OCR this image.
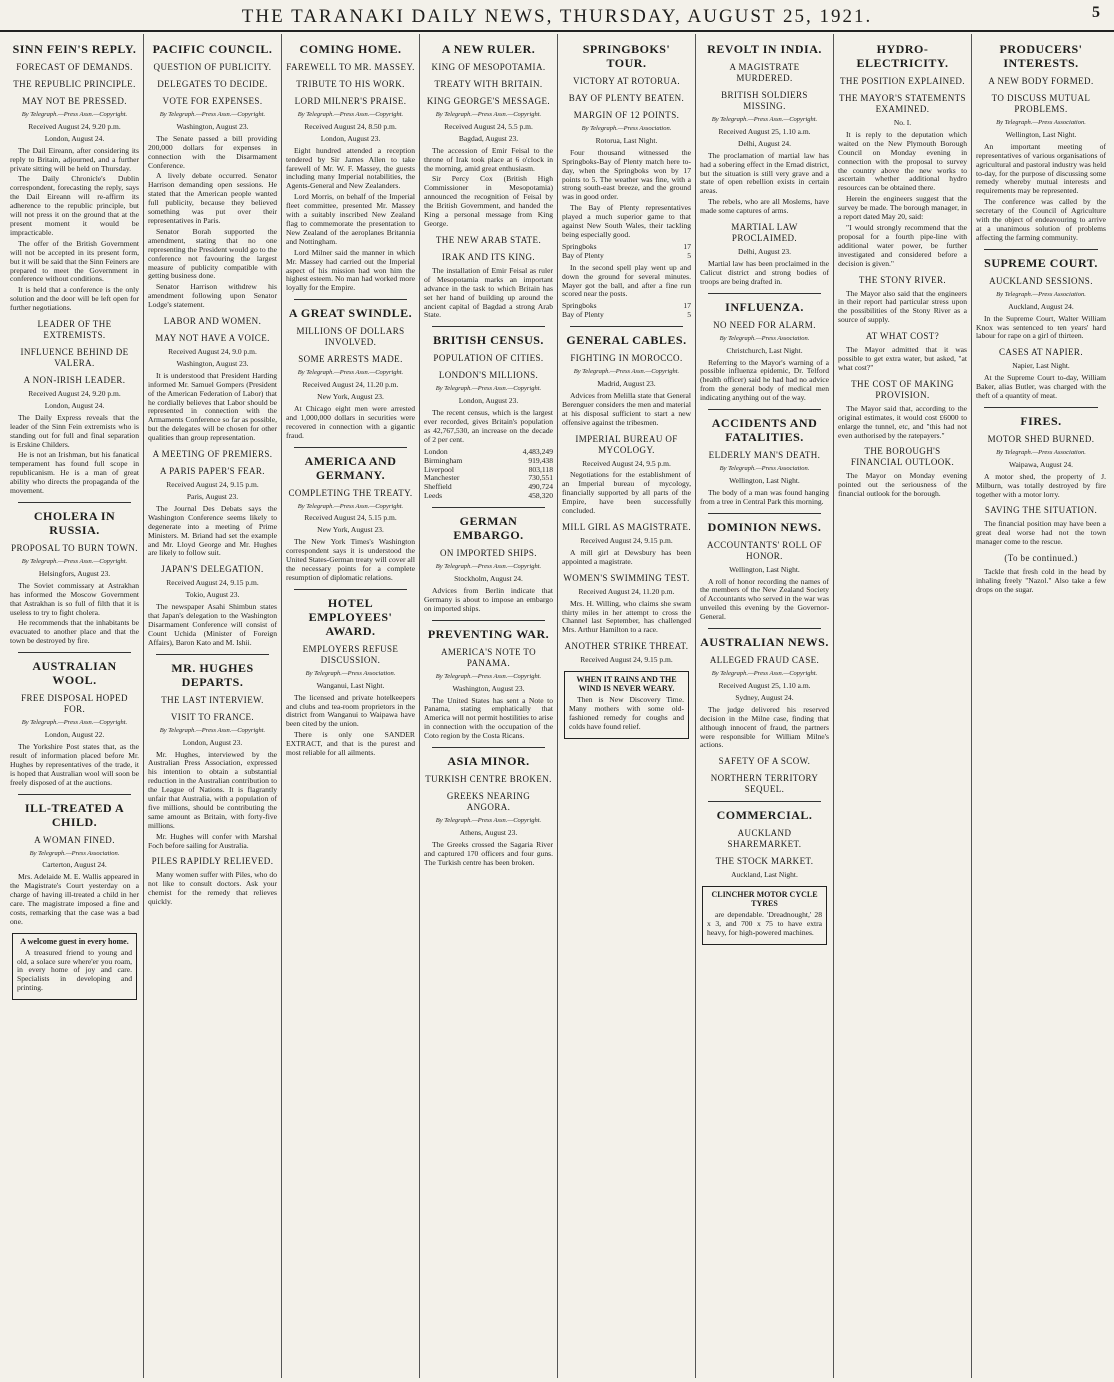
THE TARANAKI DAILY NEWS, THURSDAY, AUGUST 25, 1921.	5
SINN FEIN'S REPLY.
FORECAST OF DEMANDS.
THE REPUBLIC PRINCIPLE.
MAY NOT BE PRESSED.
By Telegraph.—Press Assn.—Copyright.
Received August 24, 9.20 p.m.
London, August 24.
The Dail Eireann, after considering its reply to Britain, adjourned, and a further private sitting will be held on Thursday.
The Daily Chronicle's Dublin correspondent, forecasting the reply, says the Dail Eireann will re-affirm its adherence to the republic principle, but will not press it on the ground that at the present moment it would be impracticable.
The offer of the British Government will not be accepted in its present form, but it will be said that the Sinn Feiners are prepared to meet the Government in conference without conditions.
It is held that a conference is the only solution and the door will be left open for further negotiations.
LEADER OF THE EXTREMISTS.
INFLUENCE BEHIND DE VALERA.
A NON-IRISH LEADER.
Received August 24, 9.20 p.m.
London, August 24.
The Daily Express reveals that the leader of the Sinn Fein extremists who is standing out for full and final separation is Erskine Childers.
He is not an Irishman, but his fanatical temperament has found full scope in republicanism. He is a man of great ability who directs the propaganda of the movement.
CHOLERA IN RUSSIA.
PROPOSAL TO BURN TOWN.
By Telegraph.—Press Assn.—Copyright.
Helsingfors, August 23.
The Soviet commissary at Astrakhan has informed the Moscow Government that Astrakhan is so full of filth that it is useless to try to fight cholera.
He recommends that the inhabitants be evacuated to another place and that the town be destroyed by fire.
AUSTRALIAN WOOL.
FREE DISPOSAL HOPED FOR.
By Telegraph.—Press Assn.—Copyright.
London, August 22.
The Yorkshire Post states that, as the result of information placed before Mr. Hughes by representatives of the trade, it is hoped that Australian wool will soon be freely disposed of at the auctions.
ILL-TREATED A CHILD.
A WOMAN FINED.
By Telegraph.—Press Association.
Carterton, August 24.
Mrs. Adelaide M. E. Wallis appeared in the Magistrate's Court yesterday on a charge of having ill-treated a child in her care. The magistrate imposed a fine and costs, remarking that the case was a bad one.
A welcome guest in every home.
A treasured friend to young and old, a solace sure where'er you roam, in every home of joy and care. Specialists in developing and printing.
PACIFIC COUNCIL.
QUESTION OF PUBLICITY.
DELEGATES TO DECIDE.
VOTE FOR EXPENSES.
By Telegraph.—Press Assn.—Copyright.
Washington, August 23.
The Senate passed a bill providing 200,000 dollars for expenses in connection with the Disarmament Conference.
A lively debate occurred. Senator Harrison demanding open sessions. He stated that the American people wanted full publicity, because they believed something was put over their representatives in Paris.
Senator Borah supported the amendment, stating that no one representing the President would go to the conference not favouring the largest measure of publicity compatible with getting business done.
Senator Harrison withdrew his amendment following upon Senator Lodge's statement.
LABOR AND WOMEN.
MAY NOT HAVE A VOICE.
Received August 24, 9.0 p.m.
Washington, August 23.
It is understood that President Harding informed Mr. Samuel Gompers (President of the American Federation of Labor) that he cordially believes that Labor should be represented in connection with the Armaments Conference so far as possible, but the delegates will be chosen for other qualities than group representation.
A MEETING OF PREMIERS.
A PARIS PAPER'S FEAR.
Received August 24, 9.15 p.m.
Paris, August 23.
The Journal Des Debats says the Washington Conference seems likely to degenerate into a meeting of Prime Ministers. M. Briand had set the example and Mr. Lloyd George and Mr. Hughes are likely to follow suit.
JAPAN'S DELEGATION.
Received August 24, 9.15 p.m.
Tokio, August 23.
The newspaper Asahi Shimbun states that Japan's delegation to the Washington Disarmament Conference will consist of Count Uchida (Minister of Foreign Affairs), Baron Kato and M. Ishii.
MR. HUGHES DEPARTS.
THE LAST INTERVIEW.
VISIT TO FRANCE.
By Telegraph.—Press Assn.—Copyright.
London, August 23.
Mr. Hughes, interviewed by the Australian Press Association, expressed his intention to obtain a substantial reduction in the Australian contribution to the League of Nations. It is flagrantly unfair that Australia, with a population of five millions, should be contributing the same amount as Britain, with forty-five millions.
Mr. Hughes will confer with Marshal Foch before sailing for Australia.
PILES RAPIDLY RELIEVED.
Many women suffer with Piles, who do not like to consult doctors. Ask your chemist for the remedy that relieves quickly.
COMING HOME.
FAREWELL TO MR. MASSEY.
TRIBUTE TO HIS WORK.
LORD MILNER'S PRAISE.
By Telegraph.—Press Assn.—Copyright.
Received August 24, 8.50 p.m.
London, August 23.
Eight hundred attended a reception tendered by Sir James Allen to take farewell of Mr. W. F. Massey, the guests including many Imperial notabilities, the Agents-General and New Zealanders.
Lord Morris, on behalf of the Imperial fleet committee, presented Mr. Massey with a suitably inscribed New Zealand flag to commemorate the presentation to New Zealand of the aeroplanes Britannia and Nottingham.
Lord Milner said the manner in which Mr. Massey had carried out the Imperial aspect of his mission had won him the highest esteem. No man had worked more loyally for the Empire.
A GREAT SWINDLE.
MILLIONS OF DOLLARS INVOLVED.
SOME ARRESTS MADE.
By Telegraph.—Press Assn.—Copyright.
Received August 24, 11.20 p.m.
New York, August 23.
At Chicago eight men were arrested and 1,000,000 dollars in securities were recovered in connection with a gigantic fraud.
AMERICA AND GERMANY.
COMPLETING THE TREATY.
By Telegraph.—Press Assn.—Copyright.
Received August 24, 5.15 p.m.
New York, August 23.
The New York Times's Washington correspondent says it is understood the United States-German treaty will cover all the necessary points for a complete resumption of diplomatic relations.
HOTEL EMPLOYEES' AWARD.
EMPLOYERS REFUSE DISCUSSION.
By Telegraph.—Press Association.
Wanganui, Last Night.
The licensed and private hotelkeepers and clubs and tea-room proprietors in the district from Wanganui to Waipawa have been cited by the union.
There is only one SANDER EXTRACT, and that is the purest and most reliable for all ailments.
A NEW RULER.
KING OF MESOPOTAMIA.
TREATY WITH BRITAIN.
KING GEORGE'S MESSAGE.
By Telegraph.—Press Assn.—Copyright.
Received August 24, 5.5 p.m.
Bagdad, August 23.
The accession of Emir Feisal to the throne of Irak took place at 6 o'clock in the morning, amid great enthusiasm.
Sir Percy Cox (British High Commissioner in Mesopotamia) announced the recognition of Feisal by the British Government, and handed the King a personal message from King George.
THE NEW ARAB STATE.
IRAK AND ITS KING.
The installation of Emir Feisal as ruler of Mesopotamia marks an important advance in the task to which Britain has set her hand of building up around the ancient capital of Bagdad a strong Arab State.
BRITISH CENSUS.
POPULATION OF CITIES.
LONDON'S MILLIONS.
By Telegraph.—Press Assn.—Copyright.
London, August 23.
The recent census, which is the largest ever recorded, gives Britain's population as 42,767,530, an increase on the decade of 2 per cent.
London	4,483,249
Birmingham	919,438
Liverpool	803,118
Manchester	730,551
Sheffield	490,724
Leeds	458,320
GERMAN EMBARGO.
ON IMPORTED SHIPS.
By Telegraph.—Press Assn.—Copyright.
Stockholm, August 24.
Advices from Berlin indicate that Germany is about to impose an embargo on imported ships.
PREVENTING WAR.
AMERICA'S NOTE TO PANAMA.
By Telegraph.—Press Assn.—Copyright.
Washington, August 23.
The United States has sent a Note to Panama, stating emphatically that America will not permit hostilities to arise in connection with the occupation of the Coto region by the Costa Ricans.
ASIA MINOR.
TURKISH CENTRE BROKEN.
GREEKS NEARING ANGORA.
By Telegraph.—Press Assn.—Copyright.
Athens, August 23.
The Greeks crossed the Sagaria River and captured 170 officers and four guns. The Turkish centre has been broken.
SPRINGBOKS' TOUR.
VICTORY AT ROTORUA.
BAY OF PLENTY BEATEN.
MARGIN OF 12 POINTS.
By Telegraph.—Press Association.
Rotorua, Last Night.
Four thousand witnessed the Springboks-Bay of Plenty match here to-day, when the Springboks won by 17 points to 5. The weather was fine, with a strong south-east breeze, and the ground was in good order.
The Bay of Plenty representatives played a much superior game to that against New South Wales, their tackling being especially good.
Springboks	17
Bay of Plenty	5
In the second spell play went up and down the ground for several minutes. Mayer got the ball, and after a fine run scored near the posts.
Springboks	17
Bay of Plenty	5
GENERAL CABLES.
FIGHTING IN MOROCCO.
By Telegraph.—Press Assn.—Copyright.
Madrid, August 23.
Advices from Melilla state that General Berenguer considers the men and material at his disposal sufficient to start a new offensive against the tribesmen.
IMPERIAL BUREAU OF MYCOLOGY.
Received August 24, 9.5 p.m.
Negotiations for the establishment of an Imperial bureau of mycology, financially supported by all parts of the Empire, have been successfully concluded.
MILL GIRL AS MAGISTRATE.
Received August 24, 9.15 p.m.
A mill girl at Dewsbury has been appointed a magistrate.
WOMEN'S SWIMMING TEST.
Received August 24, 11.20 p.m.
Mrs. H. Willing, who claims she swam thirty miles in her attempt to cross the Channel last September, has challenged Mrs. Arthur Hamilton to a race.
ANOTHER STRIKE THREAT.
Received August 24, 9.15 p.m.
WHEN IT RAINS AND THE WIND IS NEVER WEARY.
Then is New Discovery Time. Many mothers with some old-fashioned remedy for coughs and colds have found relief.
REVOLT IN INDIA.
A MAGISTRATE MURDERED.
BRITISH SOLDIERS MISSING.
By Telegraph.—Press Assn.—Copyright.
Received August 25, 1.10 a.m.
Delhi, August 24.
The proclamation of martial law has had a sobering effect in the Ernad district, but the situation is still very grave and a state of open rebellion exists in certain areas.
The rebels, who are all Moslems, have made some captures of arms.
MARTIAL LAW PROCLAIMED.
Delhi, August 23.
Martial law has been proclaimed in the Calicut district and strong bodies of troops are being drafted in.
INFLUENZA.
NO NEED FOR ALARM.
By Telegraph.—Press Association.
Christchurch, Last Night.
Referring to the Mayor's warning of a possible influenza epidemic, Dr. Telford (health officer) said he had had no advice from the general body of medical men indicating anything out of the way.
ACCIDENTS AND FATALITIES.
ELDERLY MAN'S DEATH.
By Telegraph.—Press Association.
Wellington, Last Night.
The body of a man was found hanging from a tree in Central Park this morning.
DOMINION NEWS.
ACCOUNTANTS' ROLL OF HONOR.
Wellington, Last Night.
A roll of honor recording the names of the members of the New Zealand Society of Accountants who served in the war was unveiled this evening by the Governor-General.
AUSTRALIAN NEWS.
ALLEGED FRAUD CASE.
By Telegraph.—Press Assn.—Copyright.
Received August 25, 1.10 a.m.
Sydney, August 24.
The judge delivered his reserved decision in the Milne case, finding that although innocent of fraud, the partners were responsible for William Milne's actions.
SAFETY OF A SCOW.
NORTHERN TERRITORY SEQUEL.
COMMERCIAL.
AUCKLAND SHAREMARKET.
THE STOCK MARKET.
Auckland, Last Night.
CLINCHER MOTOR CYCLE TYRES
are dependable. 'Dreadnought,' 28 x 3, and 700 x 75 to have extra heavy, for high-powered machines.
HYDRO-ELECTRICITY.
THE POSITION EXPLAINED.
THE MAYOR'S STATEMENTS EXAMINED.
No. I.
It is reply to the deputation which waited on the New Plymouth Borough Council on Monday evening in connection with the proposal to survey the country above the new works to ascertain whether additional hydro resources can be obtained there.
Herein the engineers suggest that the survey be made. The borough manager, in a report dated May 20, said:
"I would strongly recommend that the proposal for a fourth pipe-line with additional water power, be further investigated and considered before a decision is given."
THE STONY RIVER.
The Mayor also said that the engineers in their report had particular stress upon the possibilities of the Stony River as a source of supply.
AT WHAT COST?
The Mayor admitted that it was possible to get extra water, but asked, "at what cost?"
THE COST OF MAKING PROVISION.
The Mayor said that, according to the original estimates, it would cost £6000 to enlarge the tunnel, etc, and "this had not even authorised by the ratepayers."
THE BOROUGH'S FINANCIAL OUTLOOK.
The Mayor on Monday evening pointed out the seriousness of the financial outlook for the borough.
PRODUCERS' INTERESTS.
A NEW BODY FORMED.
TO DISCUSS MUTUAL PROBLEMS.
By Telegraph.—Press Association.
Wellington, Last Night.
An important meeting of representatives of various organisations of agricultural and pastoral industry was held to-day, for the purpose of discussing some remedy whereby mutual interests and requirements may be represented.
The conference was called by the secretary of the Council of Agriculture with the object of endeavouring to arrive at a unanimous solution of problems affecting the farming community.
SUPREME COURT.
AUCKLAND SESSIONS.
By Telegraph.—Press Association.
Auckland, August 24.
In the Supreme Court, Walter William Knox was sentenced to ten years' hard labour for rape on a girl of thirteen.
CASES AT NAPIER.
Napier, Last Night.
At the Supreme Court to-day, William Baker, alias Butler, was charged with the theft of a quantity of meat.
FIRES.
MOTOR SHED BURNED.
By Telegraph.—Press Association.
Waipawa, August 24.
A motor shed, the property of J. Milburn, was totally destroyed by fire together with a motor lorry.
SAVING THE SITUATION.
The financial position may have been a great deal worse had not the town manager come to the rescue.
(To be continued.)
Tackle that fresh cold in the head by inhaling freely "Nazol." Also take a few drops on the sugar.
